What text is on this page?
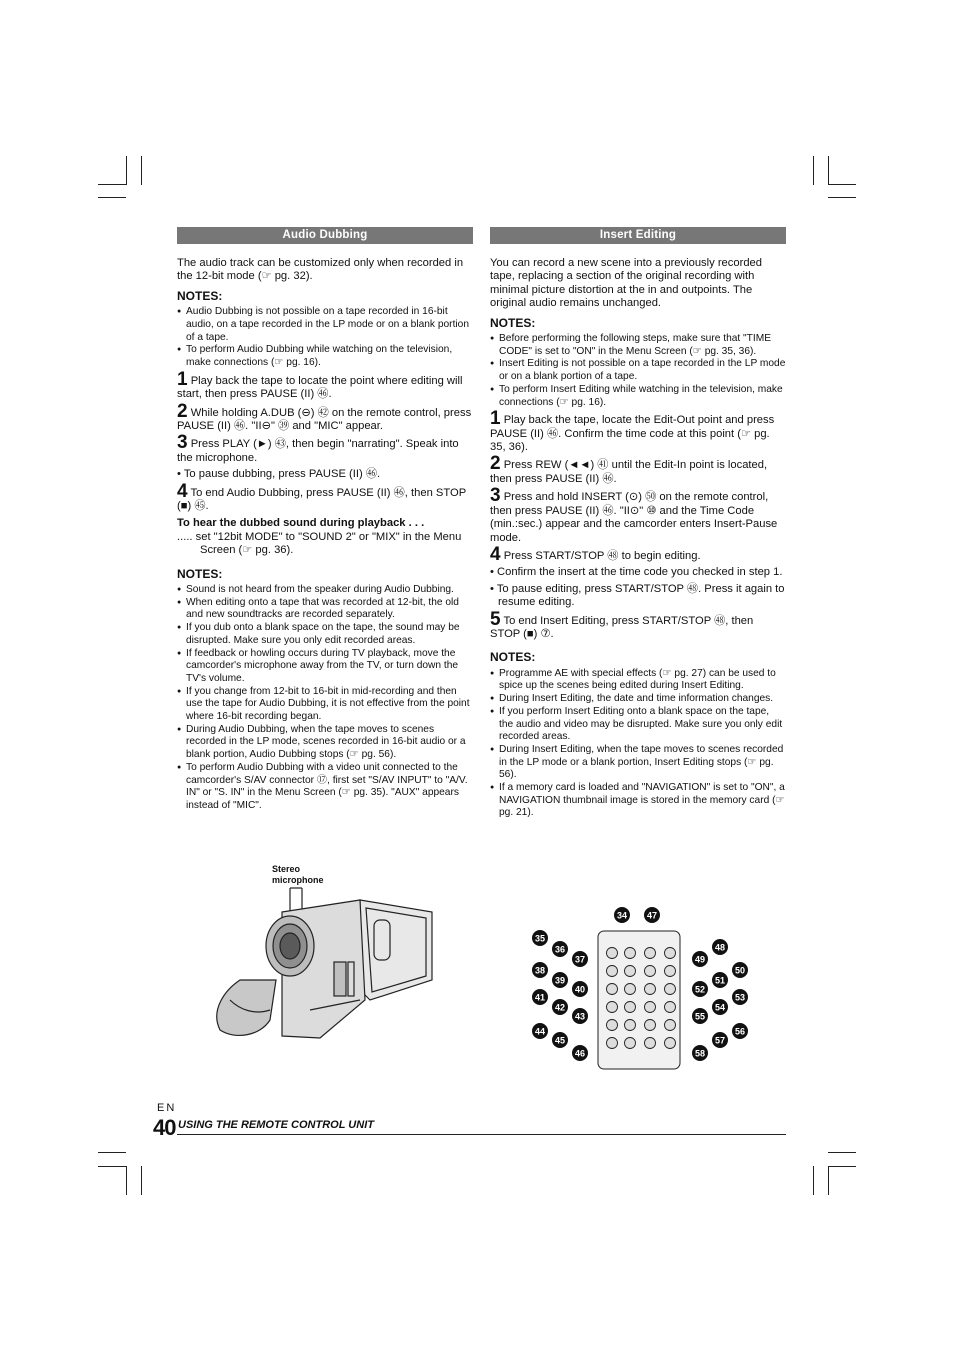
Audio Dubbing

The audio track can be customized only when recorded in the 12-bit mode (☞ pg. 32).

NOTES:
● Audio Dubbing is not possible on a tape recorded in 16-bit audio, on a tape recorded in the LP mode or on a blank portion of a tape.
● To perform Audio Dubbing while watching on the television, make connections (☞ pg. 16).
1 Play back the tape to locate the point where editing will start, then press PAUSE (II) ㊻.
2 While holding A.DUB (⊖) ㊷ on the remote control, press PAUSE (II) ㊻. "II⊖" ㊴ and "MIC" appear.
3 Press PLAY (►) ㊸, then begin "narrating". Speak into the microphone.
• To pause dubbing, press PAUSE (II) ㊻.
4 To end Audio Dubbing, press PAUSE (II) ㊻, then STOP (■) ㊺.
To hear the dubbed sound during playback . . .
..... set "12bit MODE" to "SOUND 2" or "MIX" in the Menu Screen (☞ pg. 36).
NOTES:
● Sound is not heard from the speaker during Audio Dubbing.
● When editing onto a tape that was recorded at 12-bit, the old and new soundtracks are recorded separately.
● If you dub onto a blank space on the tape, the sound may be disrupted. Make sure you only edit recorded areas.
● If feedback or howling occurs during TV playback, move the camcorder's microphone away from the TV, or turn down the TV's volume.
● If you change from 12-bit to 16-bit in mid-recording and then use the tape for Audio Dubbing, it is not effective from the point where 16-bit recording began.
● During Audio Dubbing, when the tape moves to scenes recorded in the LP mode, scenes recorded in 16-bit audio or a blank portion, Audio Dubbing stops (☞ pg. 56).
● To perform Audio Dubbing with a video unit connected to the camcorder's S/AV connector ⑰, first set "S/AV INPUT" to "A/V. IN" or "S. IN" in the Menu Screen (☞ pg. 35). "AUX" appears instead of "MIC".
Stereo
microphone
Insert Editing

You can record a new scene into a previously recorded tape, replacing a section of the original recording with minimal picture distortion at the in and outpoints. The original audio remains unchanged.

NOTES:
● Before performing the following steps, make sure that "TIME CODE" is set to "ON" in the Menu Screen (☞ pg. 35, 36).
● Insert Editing is not possible on a tape recorded in the LP mode or on a blank portion of a tape.
● To perform Insert Editing while watching in the television, make connections (☞ pg. 16).
1 Play back the tape, locate the Edit-Out point and press PAUSE (II) ㊻. Confirm the time code at this point (☞ pg. 35, 36).
2 Press REW (◄◄) ㊶ until the Edit-In point is located, then press PAUSE (II) ㊻.
3 Press and hold INSERT (⊙) ㊿ on the remote control, then press PAUSE (II) ㊻. "II⊙" ⑩ and the Time Code (min.:sec.) appear and the camcorder enters Insert-Pause mode.
4 Press START/STOP ㊽ to begin editing.
• Confirm the insert at the time code you checked in step 1.
• To pause editing, press START/STOP ㊽. Press it again to resume editing.
5 To end Insert Editing, press START/STOP ㊽, then STOP (■) ⑦.
NOTES:
● Programme AE with special effects (☞ pg. 27) can be used to spice up the scenes being edited during Insert Editing.
● During Insert Editing, the date and time information changes.
● If you perform Insert Editing onto a blank space on the tape, the audio and video may be disrupted. Make sure you only edit recorded areas.
● During Insert Editing, when the tape moves to scenes recorded in the LP mode or a blank portion, Insert Editing stops (☞ pg. 56).
● If a memory card is loaded and "NAVIGATION" is set to "ON", a NAVIGATION thumbnail image is stored in the memory card (☞ pg. 21).
34 47
35
36
37
48
49
38
39
50
40
51
41
52
53
42
43
54
55
44
45
56
57
46	58
EN
40 USING THE REMOTE CONTROL UNIT
